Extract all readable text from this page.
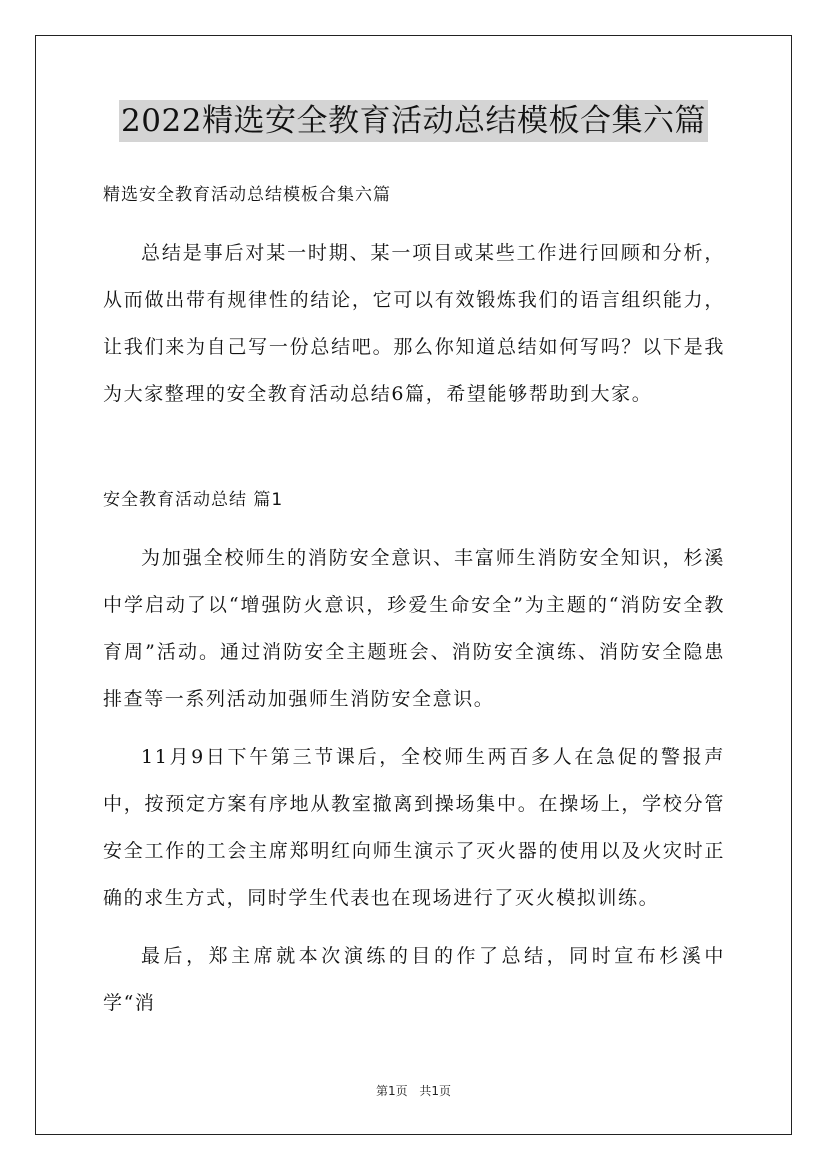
2022精选安全教育活动总结模板合集六篇

精选安全教育活动总结模板合集六篇

总结是事后对某一时期、某一项目或某些工作进行回顾和分析，从而做出带有规律性的结论，它可以有效锻炼我们的语言组织能力，让我们来为自己写一份总结吧。那么你知道总结如何写吗？以下是我为大家整理的安全教育活动总结6篇，希望能够帮助到大家。

安全教育活动总结 篇1

为加强全校师生的消防安全意识、丰富师生消防安全知识，杉溪中学启动了以“增强防火意识，珍爱生命安全”为主题的“消防安全教育周”活动。通过消防安全主题班会、消防安全演练、消防安全隐患排查等一系列活动加强师生消防安全意识。

11月9日下午第三节课后，全校师生两百多人在急促的警报声中，按预定方案有序地从教室撤离到操场集中。在操场上，学校分管安全工作的工会主席郑明红向师生演示了灭火器的使用以及火灾时正确的求生方式，同时学生代表也在现场进行了灭火模拟训练。

最后，郑主席就本次演练的目的作了总结，同时宣布杉溪中学“消

第1页 共1页
